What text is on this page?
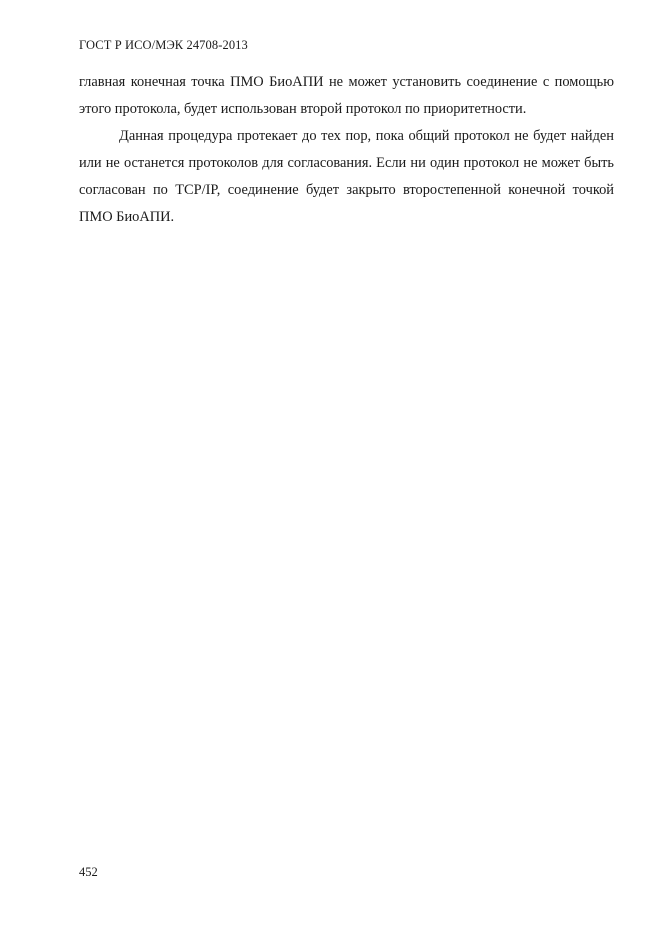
ГОСТ Р ИСО/МЭК 24708-2013

главная конечная точка ПМО БиоАПИ не может установить соединение с помощью этого протокола, будет использован второй протокол по приоритетности.

Данная процедура протекает до тех пор, пока общий протокол не будет найден или не останется протоколов для согласования. Если ни один протокол не может быть согласован по TCP/IP, соединение будет закрыто второстепенной конечной точкой ПМО БиоАПИ.

452
